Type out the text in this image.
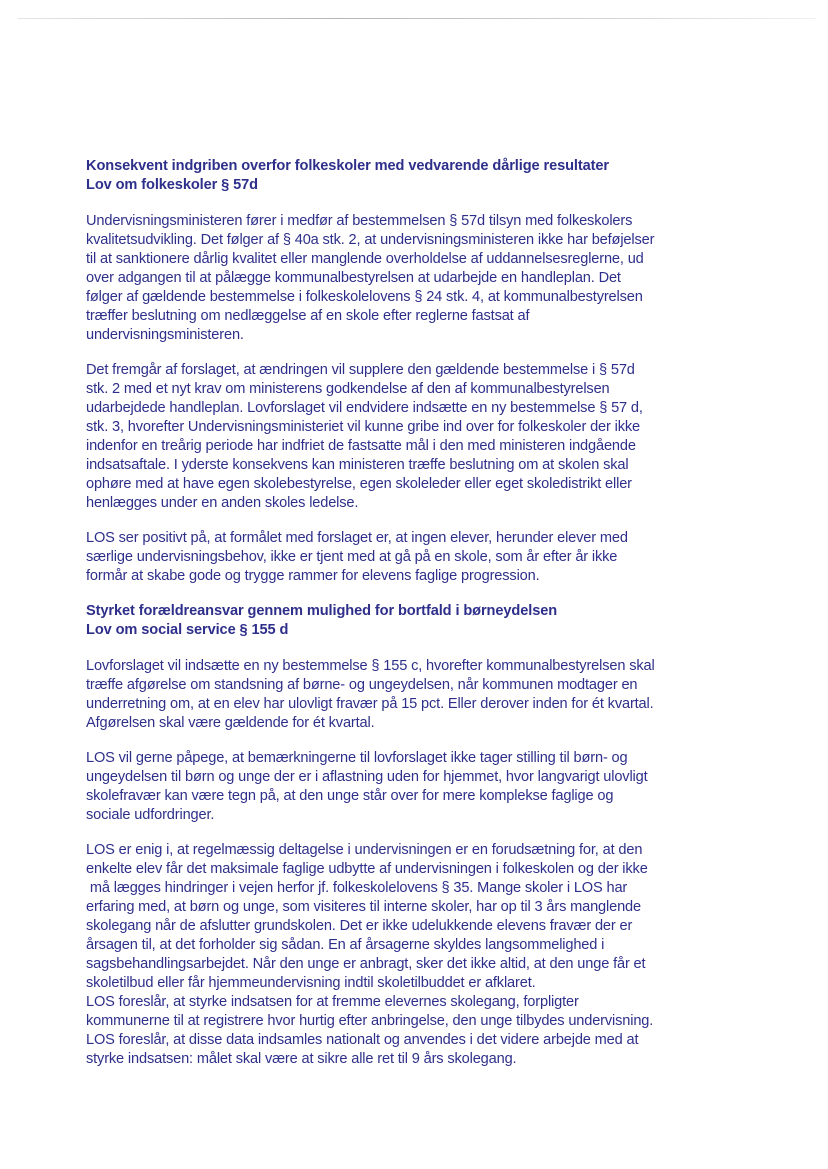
Konsekvent indgriben overfor folkeskoler med vedvarende dårlige resultater

Lov om folkeskoler § 57d

Undervisningsministeren fører i medfør af bestemmelsen § 57d tilsyn med folkeskolers
kvalitetsudvikling. Det følger af § 40a stk. 2, at undervisningsministeren ikke har beføjelser
til at sanktionere dårlig kvalitet eller manglende overholdelse af uddannelsesreglerne, ud
over adgangen til at pålægge kommunalbestyrelsen at udarbejde en handleplan. Det
følger af gældende bestemmelse i folkeskolelovens § 24 stk. 4, at kommunalbestyrelsen
træffer beslutning om nedlæggelse af en skole efter reglerne fastsat af
undervisningsministeren.
Det fremgår af forslaget, at ændringen vil supplere den gældende bestemmelse i § 57d
stk. 2 med et nyt krav om ministerens godkendelse af den af kommunalbestyrelsen
udarbejdede handleplan. Lovforslaget vil endvidere indsætte en ny bestemmelse § 57 d,
stk. 3, hvorefter Undervisningsministeriet vil kunne gribe ind over for folkeskoler der ikke
indenfor en treårig periode har indfriet de fastsatte mål i den med ministeren indgående
indsatsaftale. I yderste konsekvens kan ministeren træffe beslutning om at skolen skal
ophøre med at have egen skolebestyrelse, egen skoleleder eller eget skoledistrikt eller
henlægges under en anden skoles ledelse.
LOS ser positivt på, at formålet med forslaget er, at ingen elever, herunder elever med
særlige undervisningsbehov, ikke er tjent med at gå på en skole, som år efter år ikke
formår at skabe gode og trygge rammer for elevens faglige progression.

Styrket forældreansvar gennem mulighed for bortfald i børneydelsen

Lov om social service § 155 d

Lovforslaget vil indsætte en ny bestemmelse § 155 c, hvorefter kommunalbestyrelsen skal
træffe afgørelse om standsning af børne- og ungeydelsen, når kommunen modtager en
underretning om, at en elev har ulovligt fravær på 15 pct. Eller derover inden for ét kvartal.
Afgørelsen skal være gældende for ét kvartal.
LOS vil gerne påpege, at bemærkningerne til lovforslaget ikke tager stilling til børn- og
ungeydelsen til børn og unge der er i aflastning uden for hjemmet, hvor langvarigt ulovligt
skolefravær kan være tegn på, at den unge står over for mere komplekse faglige og
sociale udfordringer.
LOS er enig i, at regelmæssig deltagelse i undervisningen er en forudsætning for, at den
enkelte elev får det maksimale faglige udbytte af undervisningen i folkeskolen og der ikke
må lægges hindringer i vejen herfor jf. folkeskolelovens § 35. Mange skoler i LOS har
erfaring med, at børn og unge, som visiteres til interne skoler, har op til 3 års manglende
skolegang når de afslutter grundskolen. Det er ikke udelukkende elevens fravær der er
årsagen til, at det forholder sig sådan. En af årsagerne skyldes langsommelighed i
sagsbehandlingsarbejdet. Når den unge er anbragt, sker det ikke altid, at den unge får et
skoletilbud eller får hjemmeundervisning indtil skoletilbuddet er afklaret.
LOS foreslår, at styrke indsatsen for at fremme elevernes skolegang, forpligter
kommunerne til at registrere hvor hurtig efter anbringelse, den unge tilbydes undervisning.
LOS foreslår, at disse data indsamles nationalt og anvendes i det videre arbejde med at
styrke indsatsen: målet skal være at sikre alle ret til 9 års skolegang.
